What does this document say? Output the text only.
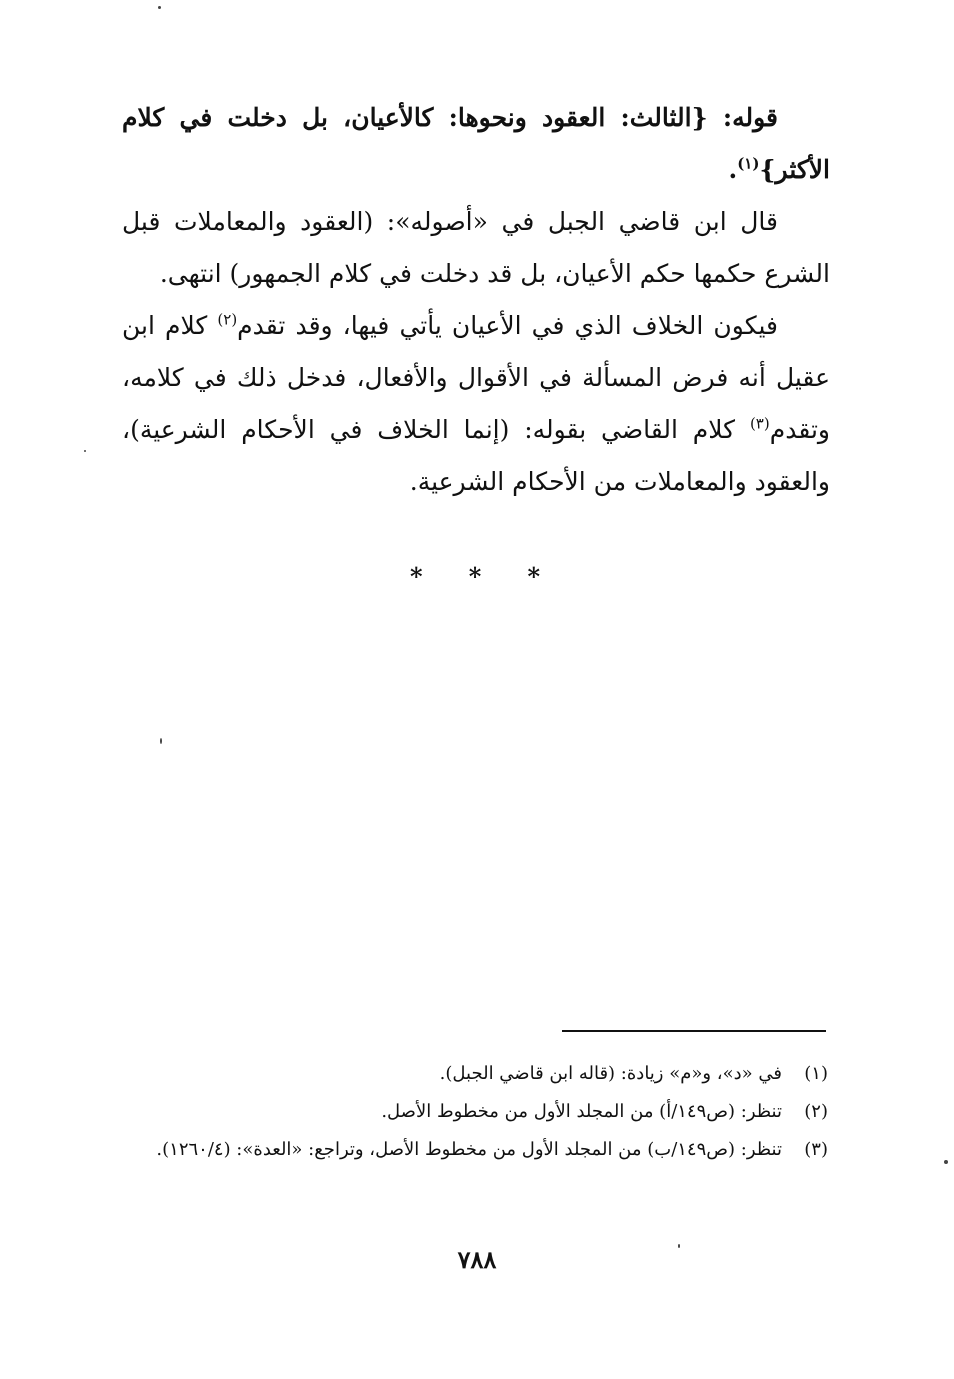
قوله: {الثالث: العقود ونحوها: كالأعيان، بل دخلت في كلام الأكثر}$^{(١)}$.

قال ابن قاضي الجبل في «أصوله»: (العقود والمعاملات قبل الشرع حكمها حكم الأعيان، بل قد دخلت في كلام الجمهور) انتهى.

فيكون الخلاف الذي في الأعيان يأتي فيها، وقد تقدم$^{(٢)}$ كلام ابن عقيل أنه فرض المسألة في الأقوال والأفعال، فدخل ذلك في كلامه، وتقدم$^{(٣)}$ كلام القاضي بقوله: (إنما الخلاف في الأحكام الشرعية)، والعقود والمعاملات من الأحكام الشرعية.

* * *
(١)
في «د»، و«م» زيادة: (قاله ابن قاضي الجبل).
(٢)
تنظر: (ص١٤٩/أ) من المجلد الأول من مخطوط الأصل.
(٣)
تنظر: (ص١٤٩/ب) من المجلد الأول من مخطوط الأصل، وتراجع: «العدة»: (١٢٦٠/٤).
٧٨٨
